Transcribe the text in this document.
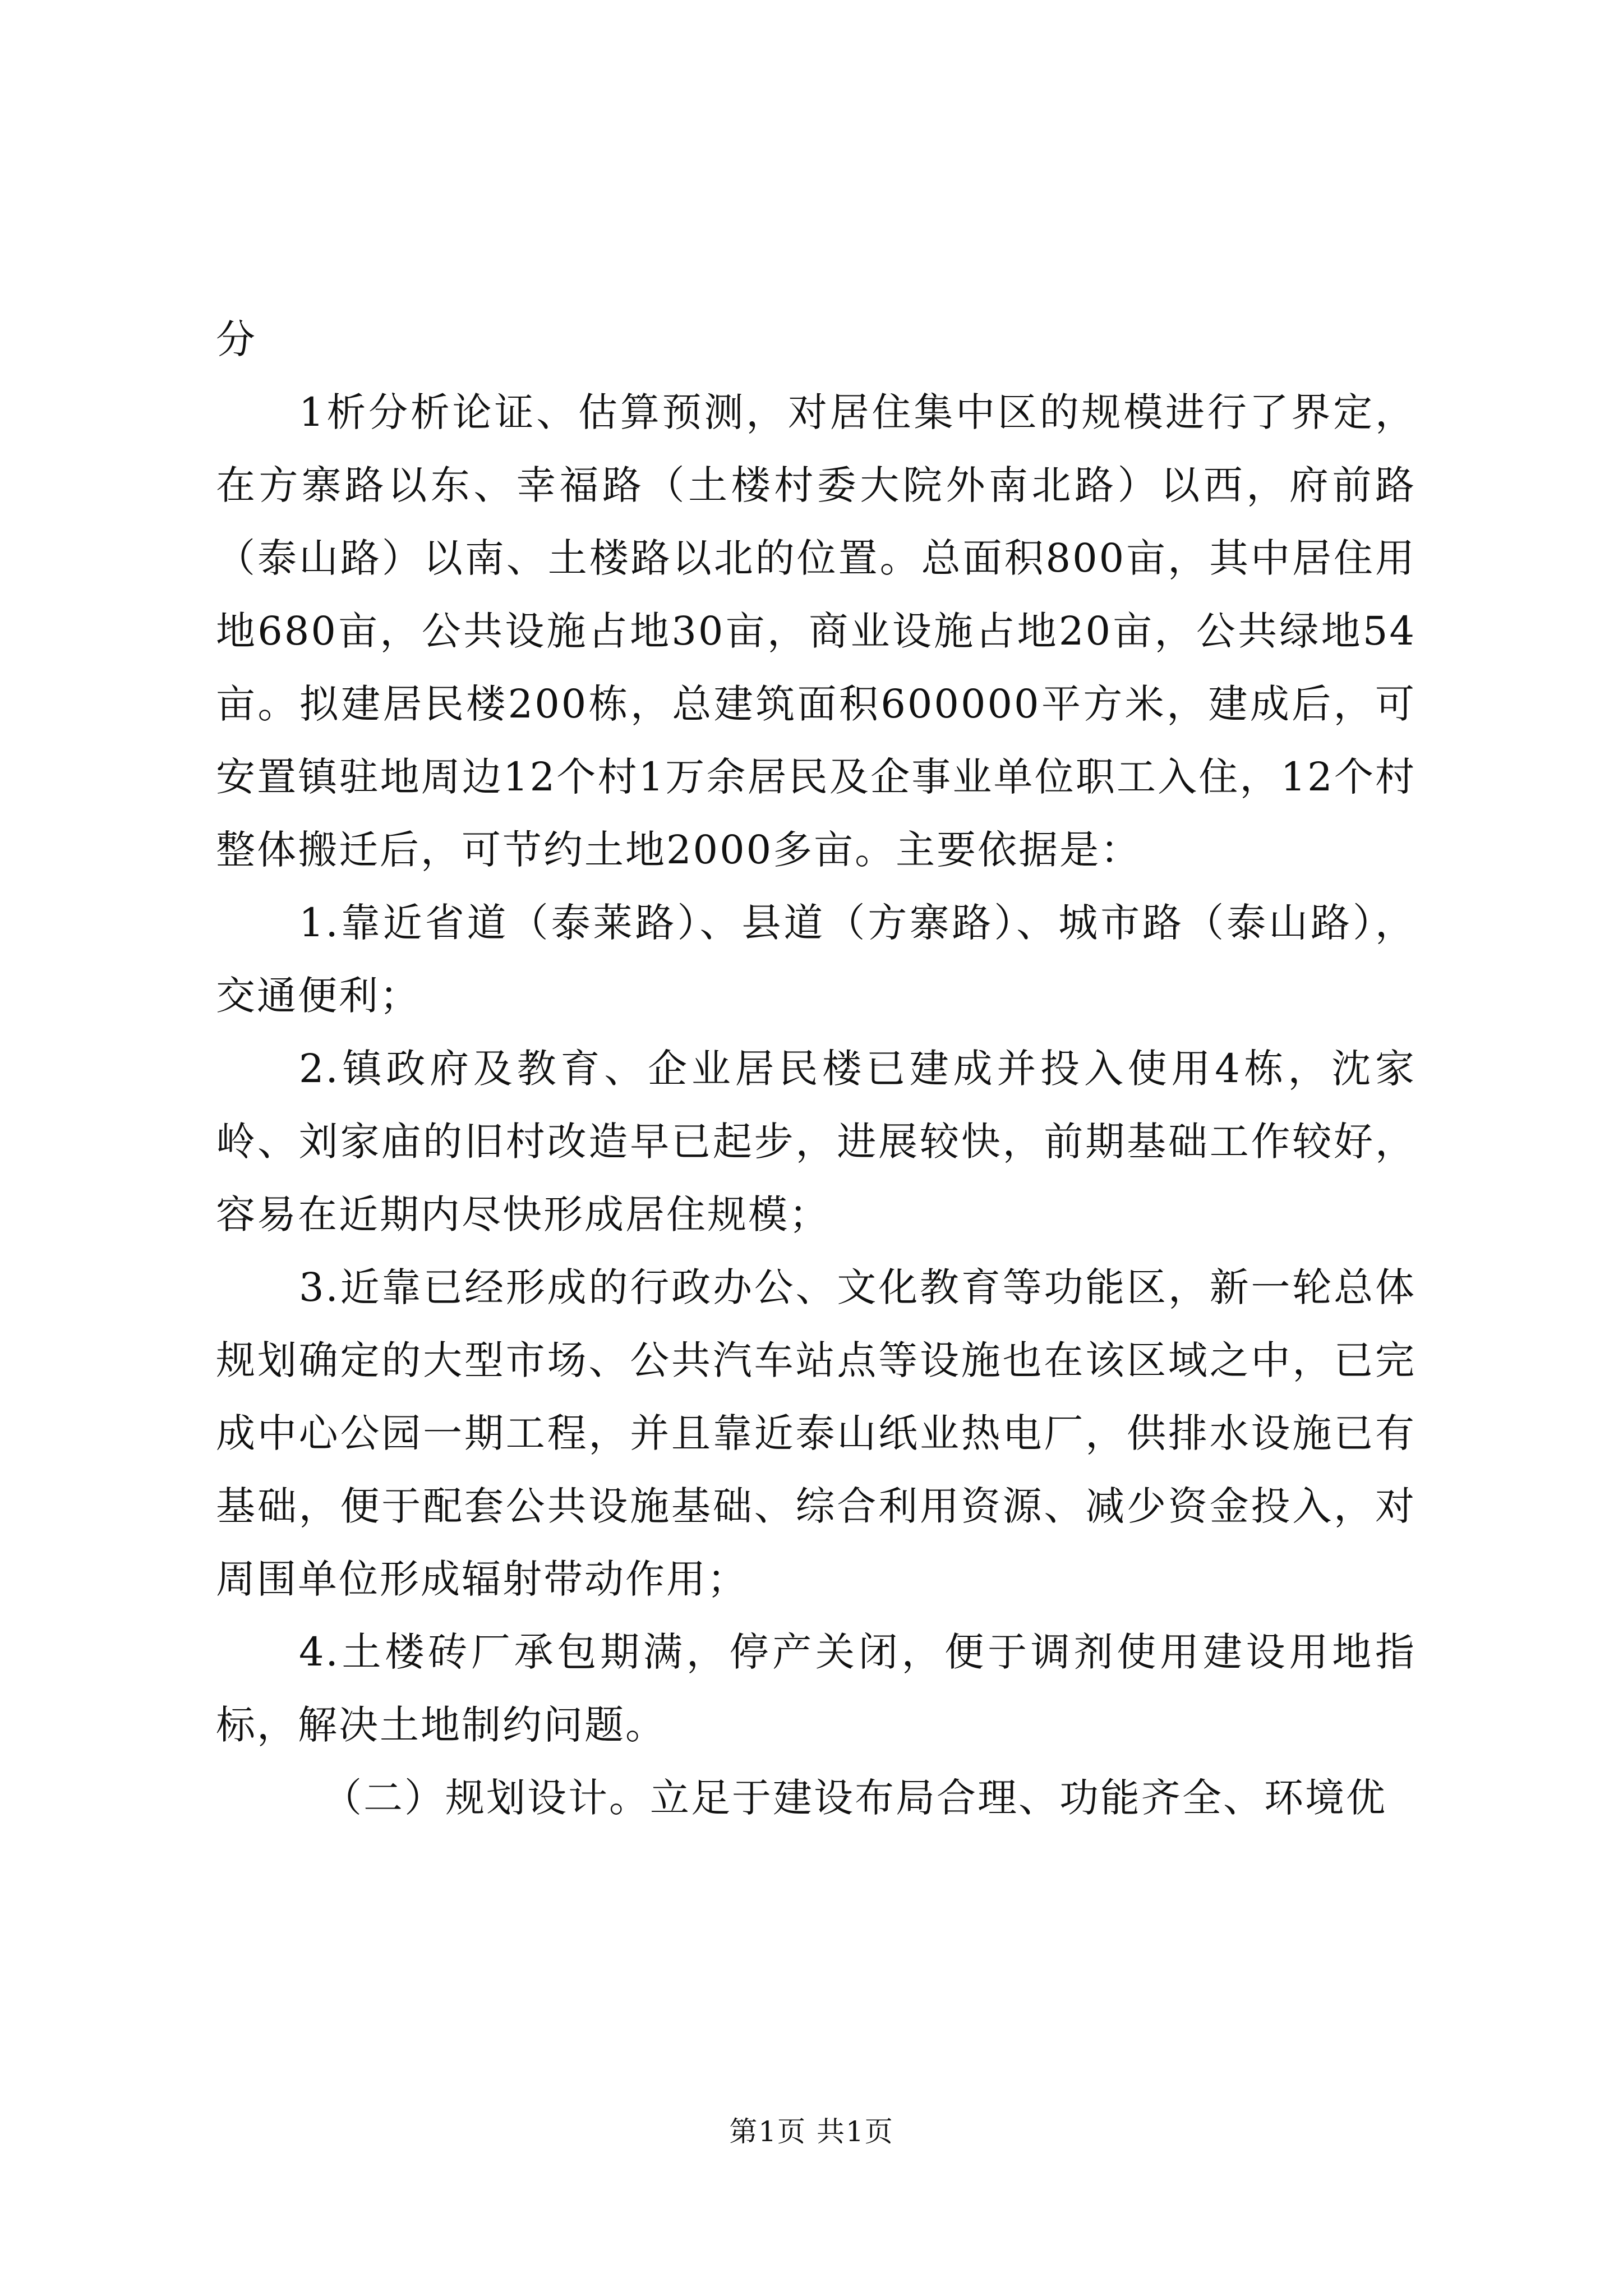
分

1析分析论证、估算预测，对居住集中区的规模进行了界定，在方寨路以东、幸福路（土楼村委大院外南北路）以西，府前路（泰山路）以南、土楼路以北的位置。总面积800亩，其中居住用地680亩，公共设施占地30亩，商业设施占地20亩，公共绿地54亩。拟建居民楼200栋，总建筑面积600000平方米，建成后，可安置镇驻地周边12个村1万余居民及企事业单位职工入住，12个村整体搬迁后，可节约土地2000多亩。主要依据是：

1.靠近省道（泰莱路）、县道（方寨路）、城市路（泰山路），交通便利；

2.镇政府及教育、企业居民楼已建成并投入使用4栋，沈家岭、刘家庙的旧村改造早已起步，进展较快，前期基础工作较好，容易在近期内尽快形成居住规模；

3.近靠已经形成的行政办公、文化教育等功能区，新一轮总体规划确定的大型市场、公共汽车站点等设施也在该区域之中，已完成中心公园一期工程，并且靠近泰山纸业热电厂，供排水设施已有基础，便于配套公共设施基础、综合利用资源、减少资金投入，对周围单位形成辐射带动作用；

4.土楼砖厂承包期满，停产关闭，便于调剂使用建设用地指标，解决土地制约问题。

（二）规划设计。立足于建设布局合理、功能齐全、环境优

第1页 共1页
